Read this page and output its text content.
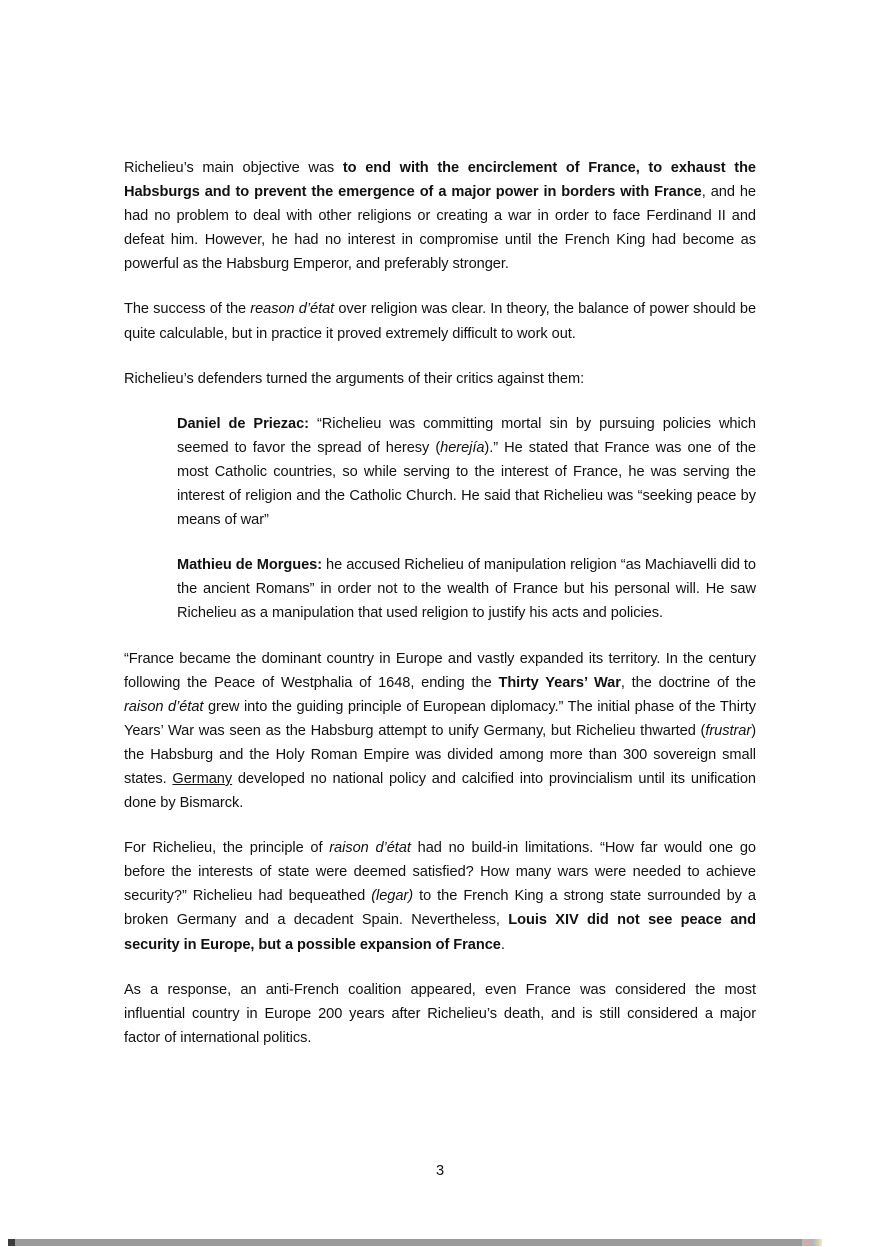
Richelieu’s main objective was to end with the encirclement of France, to exhaust the Habsburgs and to prevent the emergence of a major power in borders with France, and he had no problem to deal with other religions or creating a war in order to face Ferdinand II and defeat him. However, he had no interest in compromise until the French King had become as powerful as the Habsburg Emperor, and preferably stronger.

The success of the reason d’état over religion was clear. In theory, the balance of power should be quite calculable, but in practice it proved extremely difficult to work out.

Richelieu’s defenders turned the arguments of their critics against them:

Daniel de Priezac: “Richelieu was committing mortal sin by pursuing policies which seemed to favor the spread of heresy (herejía).” He stated that France was one of the most Catholic countries, so while serving to the interest of France, he was serving the interest of religion and the Catholic Church. He said that Richelieu was “seeking peace by means of war”
Mathieu de Morgues: he accused Richelieu of manipulation religion “as Machiavelli did to the ancient Romans” in order not to the wealth of France but his personal will. He saw Richelieu as a manipulation that used religion to justify his acts and policies.

“France became the dominant country in Europe and vastly expanded its territory. In the century following the Peace of Westphalia of 1648, ending the Thirty Years’ War, the doctrine of the raison d’état grew into the guiding principle of European diplomacy.” The initial phase of the Thirty Years’ War was seen as the Habsburg attempt to unify Germany, but Richelieu thwarted (frustrar) the Habsburg and the Holy Roman Empire was divided among more than 300 sovereign small states. Germany developed no national policy and calcified into provincialism until its unification done by Bismarck.

For Richelieu, the principle of raison d’état had no build-in limitations. “How far would one go before the interests of state were deemed satisfied? How many wars were needed to achieve security?” Richelieu had bequeathed (legar) to the French King a strong state surrounded by a broken Germany and a decadent Spain. Nevertheless, Louis XIV did not see peace and security in Europe, but a possible expansion of France.

As a response, an anti-French coalition appeared, even France was considered the most influential country in Europe 200 years after Richelieu’s death, and is still considered a major factor of international politics.

3
